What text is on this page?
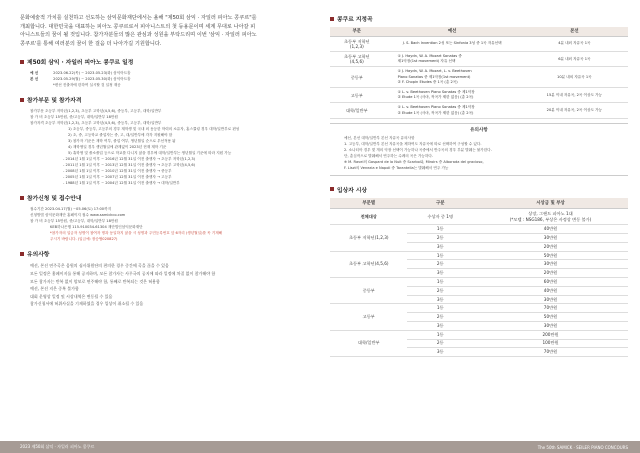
문화예술적 가치를 실천하고 선도하는 삼익문화재단에서는 올해 "제50회 삼익 · 자일러 피아노 콩쿠르"를
개최합니다. 대한민국을 대표하는 피아노 콩쿠르로서 피아니스트의 첫 등용문이며 세계 무대로 나아갈 피
아니스트들의 꿈이 될 것입니다. 참가자분들의 많은 관심과 성원을 부탁드리며 이번 '삼익 · 자일러 피아노
콩쿠르'를 통해 여러분의 꿈이 한 걸음 더 나아가길 기원합니다.
제50회 삼익 · 자일러 피아노 콩쿠르 일정
예 선	2023.06.22(목) ~ 2023.05.23(화) 삼익아트홀
본 선	2023.05.29(월) ~ 2023.05.30(화) 삼익아트홀
*변선 진출자에 한하여 실시할 것 일정 재공
참가부문 및 참가자격
참가부문 초등부 저학년(1,2,3), 초등부 고학년(4,5,6), 중등부, 고등부, 대학/일반부
참 가 비 초등부 15만원, 중/고등부, 대학/일반부 18만원
참가자격 초등부 저학년(1,2,3), 초등부 고학년(4,5,6), 중등부, 고등부, 대학/일반부
1) 초등부, 중등부, 고등부의 경우 재학생 및 국내 외 동등한 학력의 소유자, 홈스쿨링 경우 대학/일반부로 편성
2) 초, 중, 고등학교 졸업자는 중, 고, 대/일반부에 각각 지원해야 함
3) 참가자 기준은 재학 여부, 졸업 여부, 생년월일 순으로 우선적용 됨
4) 재학생일 경우 생년월일에 관계없이 2023년 현재 재학 기준
5) 휴학생 및 졸소졸업 등으로 학교를 다니지 않을 경우에 대학/일반부는 생년월일 기준에 따라 지원 가능
- 2014년 1월 1일 이후 ~ 2016년 12월 31일 이전 출생자 → 초등부 저학년(1,2,3)
- 2011년 1월 1일 이후 ~ 2013년 12월 31일 이전 출생자 → 초등부 고학년(4,5,6)
- 2008년 1월 1일 이후 ~ 2010년 12월 31일 이전 출생자 → 중등부
- 2005년 1월 1일 이후 ~ 2007년 12월 31일 이전 출생자 → 고등부
- 1988년 1월 1일 이후 ~ 2004년 12월 31일 이전 출생자 → 대학/일반부
참가신청 및 접수안내
접수기간 2023.04.17(월) ~05.06(토) 17:00까지
신청방법 삼익문화재단 홈페이지 접수 www.samickco.com
참 가 비 초등부 15만원, 중/고등부, 대학/일반부 18만원
KEB하나은행 115-910034-61304 재단법인삼익문화재단
*참가자의 입금자 성명이 참여자 명과 동일하지 않을 시 성명과 주민등록번호 앞 6자리 (생년월일)를 꼭 기재해
주시기 바랍니다. (입금예: 장승협020827)
유의사항
예선, 본선 연주곡은 음원의 심사위원단의 편의한 경우 중간에 곡을 끊을 수 있음
모든 일정은 홈페이지를 통해 공지하며, 모든 참가자는 사무국의 공지에 따라 일정에 차질 없이 참가해야 함
모든 참가자는 반복 없이 암보로 연주해야 함, 통째로 반복되는 것은 허용함
예선, 본선 지은 중복 불가함
대회 운영상 일정 및 시상내역은 변동될 수 있음
참가신청서에 허위사실을 기재하였을 경우 입상이 취소될 수 있음
콩쿠르 지정곡
부문	예선	본선
초등부 저학년
(1,2,3)	J. S. Bach Invention 2성 또는 Sinfonia 3성 중 1곡 자유선택	4분 내외 자유곡 1곡
초등부 고학년
(4,5,6)	① J. Haydn, W. A. Mozart Sonatas 중
제1악장(1st movement) 자유 선택	6분 내외 자유곡 1곡
중등부	① J. Haydn, W. A. Mozart, L. v. Beethoven
Piano Sonatas 중 제1악장(1st movement)
② F. Chopin Etudes 중 1곡 (총 2곡)	10분 내외 자유곡 1곡
고등부	① L. v. Beethoven Piano Sonatas 중 제1악장
② Etude 1곡 (사마, 작곡가 제한 없음) (총 2곡)	15분 이내 자유곡, 2곡 이상도 가능
대학/일반부	① L. v. Beethoven Piano Sonatas 중 제1악장
② Etude 1곡 (사마, 작곡가 제한 없음) (총 2곡)	20분 이내 자유곡, 2곡 이상도 가능
유의사항
예선, 본선 대학/일반부 본선 자유곡 유의사항
1. 고등부, 대학/일반부 본선 자유곡을 제하여도 자유곡에 따로 선택하여 구성할 수 있다.
2. 소나티아 경우 몇 개의 악장 선택이 가능하나 곡중에서 반주곡의 경우 부분 발췌는 불가한다.
단, 총심작으로 발췌해서 연주하는 수례의 곡은 가능하다.
※ M. Ravel의 Gaspard de la Nuit 중 Scarbo와, Miroirs 중 Alborada del gracioso,
F. Liszt의 Venezia e Napoli 중 Tarantella는 발췌해서 연주 가능
입상자 시상
부문별	구분	시상금 및 부상
전체대상	수상자 중 1명	상장, 그랜드 피아노 1대
(*모델 : NSG186, 부상은 사정상 변동 불가)

초등부 저학년(1,2,3)	1등	40만원
	2등	30만원
	3등	20만원
초등부 고학년(4,5,6)	1등	50만원
	2등	30만원
	3등	20만원
중등부	1등	60만원
	2등	40만원
	3등	30만원
고등부	1등	70만원
	2등	50만원
	3등	30만원
대학/일반부	1등	200만원
	2등	100만원
	3등	70만원
2023 제50회 삼익 · 자일러 피아노 콩쿠르	The 50th SAMICK · SEILER PIANO CONCOURS
